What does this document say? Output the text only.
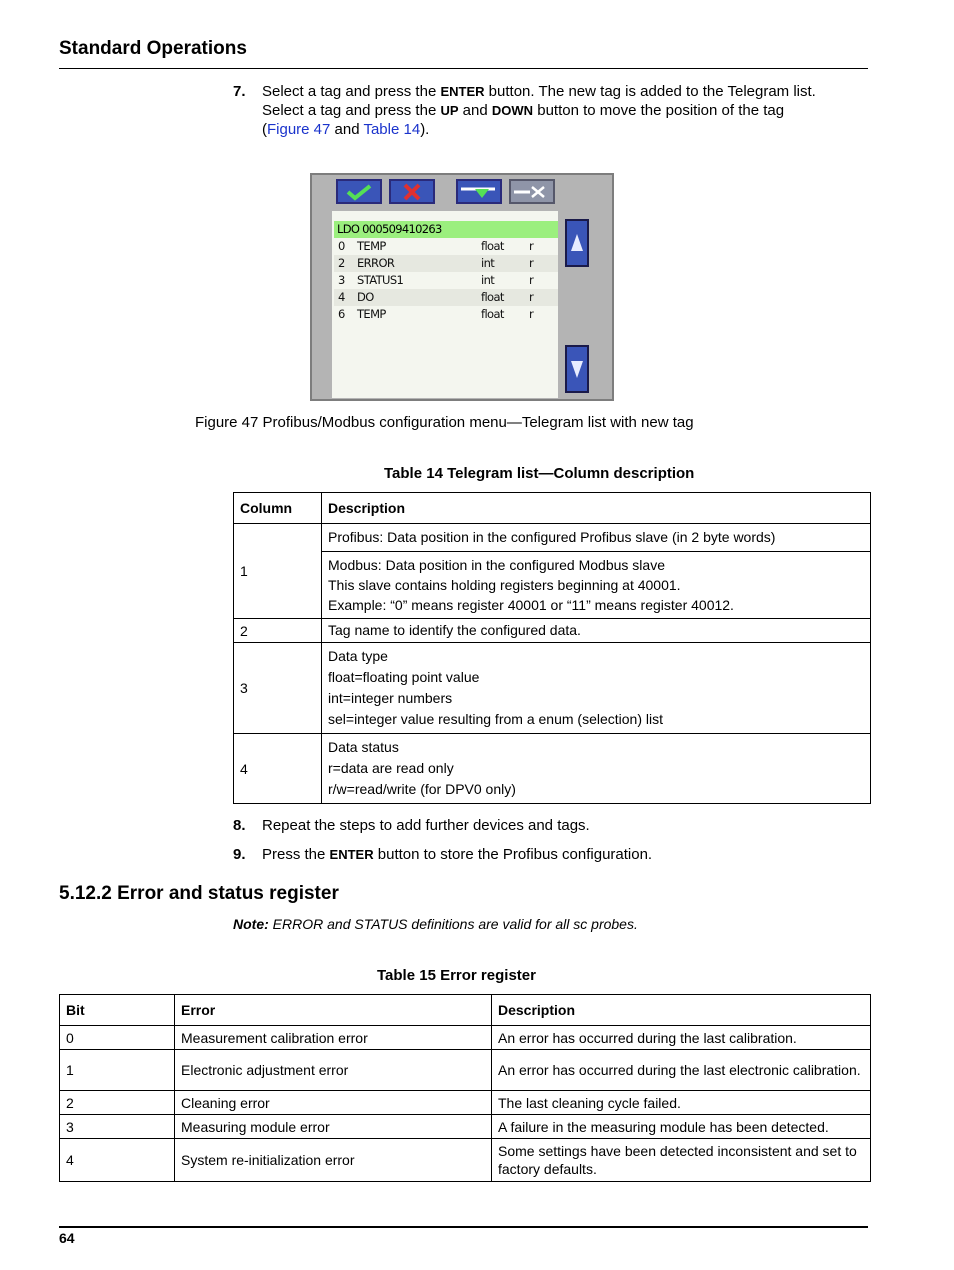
Standard Operations
7. Select a tag and press the ENTER button. The new tag is added to the Telegram list.
Select a tag and press the UP and DOWN button to move the position of the tag
(Figure 47 and Table 14).
LDO 000509410263
0 TEMP	float r
2 ERROR	int	r
3 STATUS1	int	r
4 DO	float r
6 TEMP	float r
Figure 47 Profibus/Modbus configuration menu—Telegram list with new tag
Table 14 Telegram list—Column description
Column	Description
1	Profibus: Data position in the configured Profibus slave (in 2 byte words)

	Modbus: Data position in the configured Modbus slave
This slave contains holding registers beginning at 40001.
Example: “0” means register 40001 or “11” means register 40012.

2	Tag name to identify the configured data.

3	Data type
float=floating point value
int=integer numbers
sel=integer value resulting from a enum (selection) list

4	Data status
r=data are read only
r/w=read/write (for DPV0 only)
8. Repeat the steps to add further devices and tags.
9. Press the ENTER button to store the Profibus configuration.
5.12.2 Error and status register
Note: ERROR and STATUS definitions are valid for all sc probes.
Table 15 Error register
Bit	Error	Description
0	Measurement calibration error	An error has occurred during the last calibration.
1	Electronic adjustment error	An error has occurred during the last electronic calibration.
2	Cleaning error	The last cleaning cycle failed.
3	Measuring module error	A failure in the measuring module has been detected.
4	System re-initialization error	Some settings have been detected inconsistent and set to factory defaults.
64
